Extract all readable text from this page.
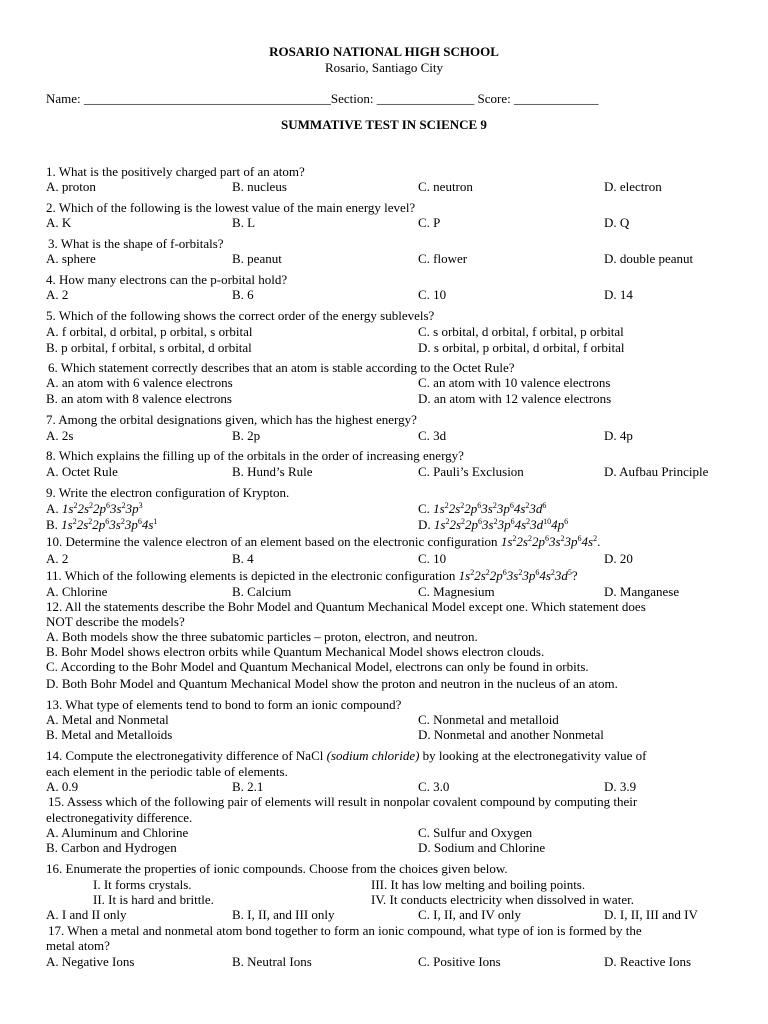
ROSARIO NATIONAL HIGH SCHOOL
Rosario, Santiago City
Name: ______________________________________Section: _______________ Score: _____________
SUMMATIVE TEST IN SCIENCE 9
1. What is the positively charged part of an atom?
A. proton	B. nucleus	C. neutron	D. electron
2. Which of the following is the lowest value of the main energy level?
A. K	B. L	C. P	D. Q
3. What is the shape of f-orbitals?
A. sphere	B. peanut	C. flower	D. double peanut
4. How many electrons can the p-orbital hold?
A. 2	B. 6	C. 10	D. 14
5. Which of the following shows the correct order of the energy sublevels?
A. f orbital, d orbital, p orbital, s orbital	C. s orbital, d orbital, f orbital, p orbital
B. p orbital, f orbital, s orbital, d orbital	D. s orbital, p orbital, d orbital, f orbital
6. Which statement correctly describes that an atom is stable according to the Octet Rule?
A. an atom with 6 valence electrons	C. an atom with 10 valence electrons
B. an atom with 8 valence electrons	D. an atom with 12 valence electrons
7. Among the orbital designations given, which has the highest energy?
A. 2s	B. 2p	C. 3d	D. 4p
8. Which explains the filling up of the orbitals in the order of increasing energy?
A. Octet Rule	B. Hund’s Rule	C. Pauli’s Exclusion	D. Aufbau Principle
9. Write the electron configuration of Krypton.
A. $1s^22s^22p^63s^23p^3$	C. $1s^22s^22p^63s^23p^64s^23d^6$
B. $1s^22s^22p^63s^23p^64s^1$	D. $1s^22s^22p^63s^23p^64s^23d^{10}4p^6$
10. Determine the valence electron of an element based on the electronic configuration $1s^22s^22p^63s^23p^64s^2$.
A. 2	B. 4	C. 10	D. 20
11. Which of the following elements is depicted in the electronic configuration $1s^22s^22p^63s^23p^64s^23d^5$?
A. Chlorine	B. Calcium	C. Magnesium	D. Manganese
12. All the statements describe the Bohr Model and Quantum Mechanical Model except one. Which statement does
NOT describe the models?
A. Both models show the three subatomic particles – proton, electron, and neutron.
B. Bohr Model shows electron orbits while Quantum Mechanical Model shows electron clouds.
C. According to the Bohr Model and Quantum Mechanical Model, electrons can only be found in orbits.
D. Both Bohr Model and Quantum Mechanical Model show the proton and neutron in the nucleus of an atom.
13. What type of elements tend to bond to form an ionic compound?
A. Metal and Nonmetal	C. Nonmetal and metalloid
B. Metal and Metalloids	D. Nonmetal and another Nonmetal
14. Compute the electronegativity difference of NaCl (sodium chloride) by looking at the electronegativity value of
each element in the periodic table of elements.
A. 0.9	B. 2.1	C. 3.0	D. 3.9
15. Assess which of the following pair of elements will result in nonpolar covalent compound by computing their
electronegativity difference.
A. Aluminum and Chlorine	C. Sulfur and Oxygen
B. Carbon and Hydrogen	D. Sodium and Chlorine
16. Enumerate the properties of ionic compounds. Choose from the choices given below.
I. It forms crystals.	III. It has low melting and boiling points.
II. It is hard and brittle.	IV. It conducts electricity when dissolved in water.
A. I and II only	B. I, II, and III only	C. I, II, and IV only	D. I, II, III and IV
17. When a metal and nonmetal atom bond together to form an ionic compound, what type of ion is formed by the
metal atom?
A. Negative Ions	B. Neutral Ions	C. Positive Ions	D. Reactive Ions
